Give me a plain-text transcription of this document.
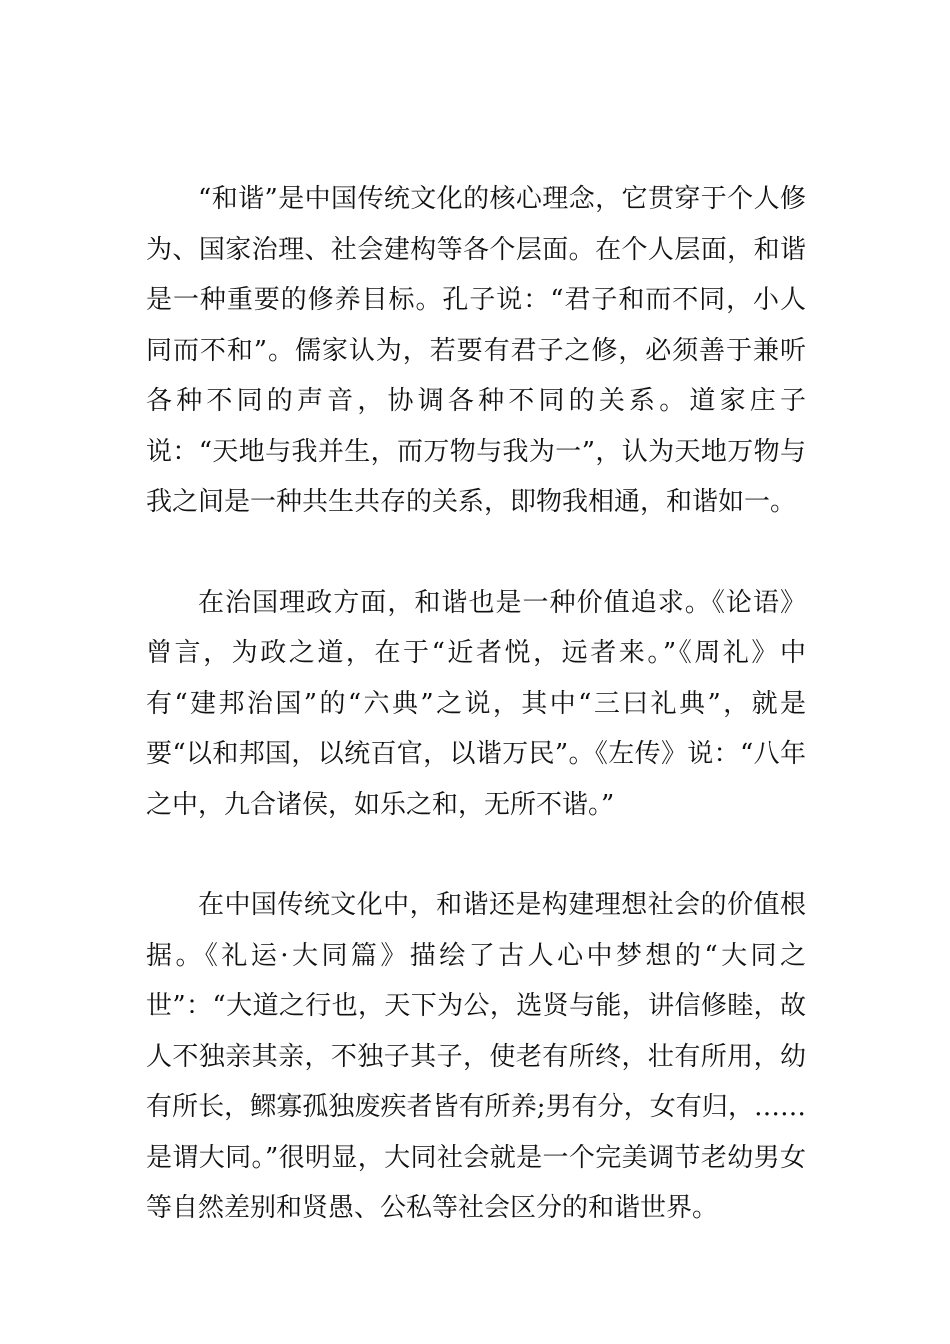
“和谐”是中国传统文化的核心理念，它贯穿于个人修为、国家治理、社会建构等各个层面。在个人层面，和谐是一种重要的修养目标。孔子说：“君子和而不同，小人同而不和”。儒家认为，若要有君子之修，必须善于兼听各种不同的声音，协调各种不同的关系。道家庄子说：“天地与我并生，而万物与我为一”，认为天地万物与我之间是一种共生共存的关系，即物我相通，和谐如一。

在治国理政方面，和谐也是一种价值追求。《论语》曾言，为政之道，在于“近者悦，远者来。”《周礼》中有“建邦治国”的“六典”之说，其中“三曰礼典”，就是要“以和邦国，以统百官，以谐万民”。《左传》说：“八年之中，九合诸侯，如乐之和，无所不谐。”

在中国传统文化中，和谐还是构建理想社会的价值根据。《礼运·大同篇》描绘了古人心中梦想的“大同之世”：“大道之行也，天下为公，选贤与能，讲信修睦，故人不独亲其亲，不独子其子，使老有所终，壮有所用，幼有所长，鳏寡孤独废疾者皆有所养;男有分，女有归，……是谓大同。”很明显，大同社会就是一个完美调节老幼男女等自然差别和贤愚、公私等社会区分的和谐世界。
